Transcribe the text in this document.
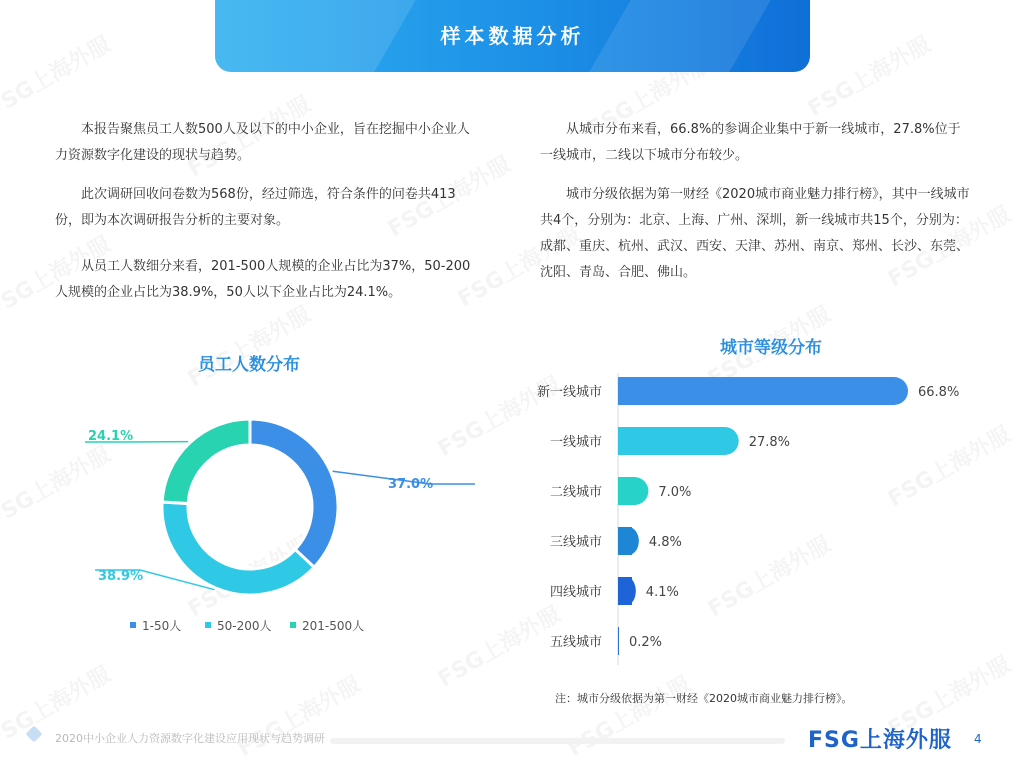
样本数据分析
本报告聚焦员工人数500人及以下的中小企业，旨在挖掘中小企业人力资源数字化建设的现状与趋势。
此次调研回收问卷数为568份，经过筛选，符合条件的问卷共413份，即为本次调研报告分析的主要对象。
从员工人数细分来看，201-500人规模的企业占比为37%，50-200人规模的企业占比为38.9%，50人以下企业占比为24.1%。
从城市分布来看，66.8%的参调企业集中于新一线城市，27.8%位于一线城市，二线以下城市分布较少。
城市分级依据为第一财经《2020城市商业魅力排行榜》，其中一线城市共4个，分别为：北京、上海、广州、深圳，新一线城市共15个，分别为：成都、重庆、杭州、武汉、西安、天津、苏州、南京、郑州、长沙、东莞、沈阳、青岛、合肥、佛山。
员工人数分布
城市等级分布
37.0%
38.9%
24.1%
1-50人	50-200人	201-500人
新一线城市	66.8%
一线城市	27.8%
二线城市	7.0%
三线城市	4.8%
四线城市	4.1%
五线城市 0.2%
注：城市分级依据为第一财经《2020城市商业魅力排行榜》。
2020中小企业人力资源数字化建设应用现状与趋势调研	FSG上海外服 4
